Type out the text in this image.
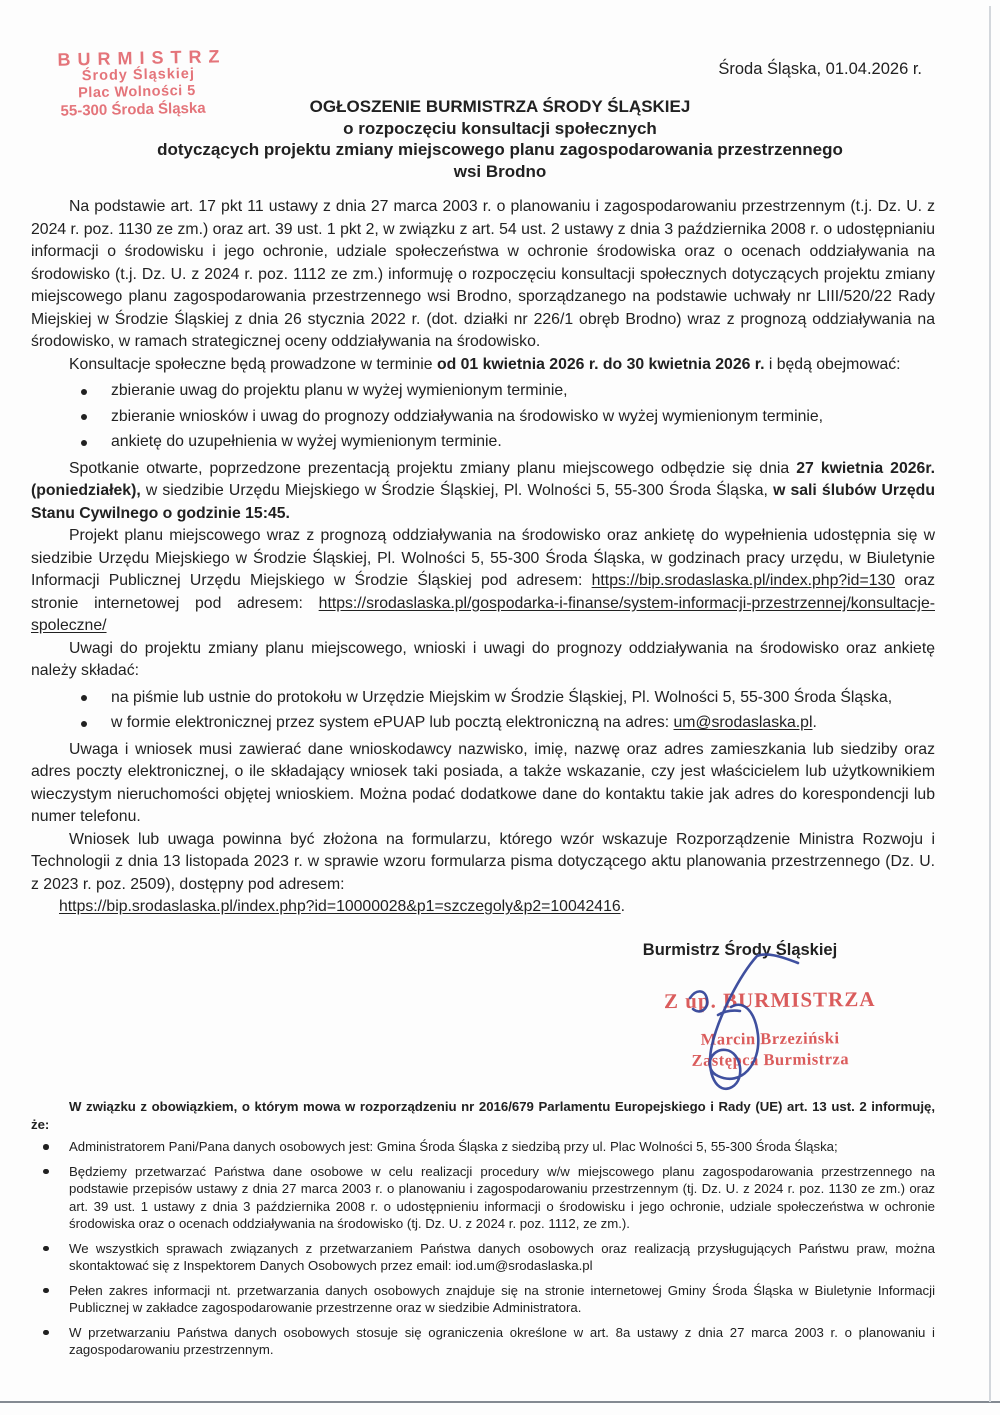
BURMISTRZ
Środy Śląskiej
Plac Wolności 5
55-300 Środa Śląska
Środa Śląska, 01.04.2026 r.
OGŁOSZENIE BURMISTRZA ŚRODY ŚLĄSKIEJ
o rozpoczęciu konsultacji społecznych
dotyczących projektu zmiany miejscowego planu zagospodarowania przestrzennego
wsi Brodno

Na podstawie art. 17 pkt 11 ustawy z dnia 27 marca 2003 r. o planowaniu i zagospodarowaniu przestrzennym (t.j. Dz. U. z 2024 r. poz. 1130 ze zm.) oraz art. 39 ust. 1 pkt 2, w związku z art. 54 ust. 2 ustawy z dnia 3 października 2008 r. o udostępnianiu informacji o środowisku i jego ochronie, udziale społeczeństwa w ochronie środowiska oraz o ocenach oddziaływania na środowisko (t.j. Dz. U. z 2024 r. poz. 1112 ze zm.) informuję o rozpoczęciu konsultacji społecznych dotyczących projektu zmiany miejscowego planu zagospodarowania przestrzennego wsi Brodno, sporządzanego na podstawie uchwały nr LIII/520/22 Rady Miejskiej w Środzie Śląskiej z dnia 26 stycznia 2022 r. (dot. działki nr 226/1 obręb Brodno) wraz z prognozą oddziaływania na środowisko, w ramach strategicznej oceny oddziaływania na środowisko.

Konsultacje społeczne będą prowadzone w terminie od 01 kwietnia 2026 r. do 30 kwietnia 2026 r. i będą obejmować:

zbieranie uwag do projektu planu w wyżej wymienionym terminie,
zbieranie wniosków i uwag do prognozy oddziaływania na środowisko w wyżej wymienionym terminie,
ankietę do uzupełnienia w wyżej wymienionym terminie.

Spotkanie otwarte, poprzedzone prezentacją projektu zmiany planu miejscowego odbędzie się dnia 27 kwietnia 2026r. (poniedziałek), w siedzibie Urzędu Miejskiego w Środzie Śląskiej, Pl. Wolności 5, 55-300 Środa Śląska, w sali ślubów Urzędu Stanu Cywilnego o godzinie 15:45.

Projekt planu miejscowego wraz z prognozą oddziaływania na środowisko oraz ankietę do wypełnienia udostępnia się w siedzibie Urzędu Miejskiego w Środzie Śląskiej, Pl. Wolności 5, 55-300 Środa Śląska, w godzinach pracy urzędu, w Biuletynie Informacji Publicznej Urzędu Miejskiego w Środzie Śląskiej pod adresem: https://bip.srodaslaska.pl/index.php?id=130 oraz stronie internetowej pod adresem: https://srodaslaska.pl/gospodarka-i-finanse/system-informacji-przestrzennej/konsultacje-spoleczne/

Uwagi do projektu zmiany planu miejscowego, wnioski i uwagi do prognozy oddziaływania na środowisko oraz ankietę należy składać:

na piśmie lub ustnie do protokołu w Urzędzie Miejskim w Środzie Śląskiej, Pl. Wolności 5, 55-300 Środa Śląska,
w formie elektronicznej przez system ePUAP lub pocztą elektroniczną na adres: um@srodaslaska.pl.

Uwaga i wniosek musi zawierać dane wnioskodawcy nazwisko, imię, nazwę oraz adres zamieszkania lub siedziby oraz adres poczty elektronicznej, o ile składający wniosek taki posiada, a także wskazanie, czy jest właścicielem lub użytkownikiem wieczystym nieruchomości objętej wnioskiem. Można podać dodatkowe dane do kontaktu takie jak adres do korespondencji lub numer telefonu.

Wniosek lub uwaga powinna być złożona na formularzu, którego wzór wskazuje Rozporządzenie Ministra Rozwoju i Technologii z dnia 13 listopada 2023 r. w sprawie wzoru formularza pisma dotyczącego aktu planowania przestrzennego (Dz. U. z 2023 r. poz. 2509), dostępny pod adresem:

https://bip.srodaslaska.pl/index.php?id=10000028&p1=szczegoly&p2=10042416.

Burmistrz Środy Śląskiej
Z up. BURMISTRZA
Marcin Brzeziński
Zastępca Burmistrza

W związku z obowiązkiem, o którym mowa w rozporządzeniu nr 2016/679 Parlamentu Europejskiego i Rady (UE) art. 13 ust. 2 informuję, że:

Administratorem Pani/Pana danych osobowych jest: Gmina Środa Śląska z siedzibą przy ul. Plac Wolności 5, 55-300 Środa Śląska;
Będziemy przetwarzać Państwa dane osobowe w celu realizacji procedury w/w miejscowego planu zagospodarowania przestrzennego na podstawie przepisów ustawy z dnia 27 marca 2003 r. o planowaniu i zagospodarowaniu przestrzennym (tj. Dz. U. z 2024 r. poz. 1130 ze zm.) oraz art. 39 ust. 1 ustawy z dnia 3 października 2008 r. o udostępnieniu informacji o środowisku i jego ochronie, udziale społeczeństwa w ochronie środowiska oraz o ocenach oddziaływania na środowisko (tj. Dz. U. z 2024 r. poz. 1112, ze zm.).
We wszystkich sprawach związanych z przetwarzaniem Państwa danych osobowych oraz realizacją przysługujących Państwu praw, można skontaktować się z Inspektorem Danych Osobowych przez email: iod.um@srodaslaska.pl
Pełen zakres informacji nt. przetwarzania danych osobowych znajduje się na stronie internetowej Gminy Środa Śląska w Biuletynie Informacji Publicznej w zakładce zagospodarowanie przestrzenne oraz w siedzibie Administratora.
W przetwarzaniu Państwa danych osobowych stosuje się ograniczenia określone w art. 8a ustawy z dnia 27 marca 2003 r. o planowaniu i zagospodarowaniu przestrzennym.
